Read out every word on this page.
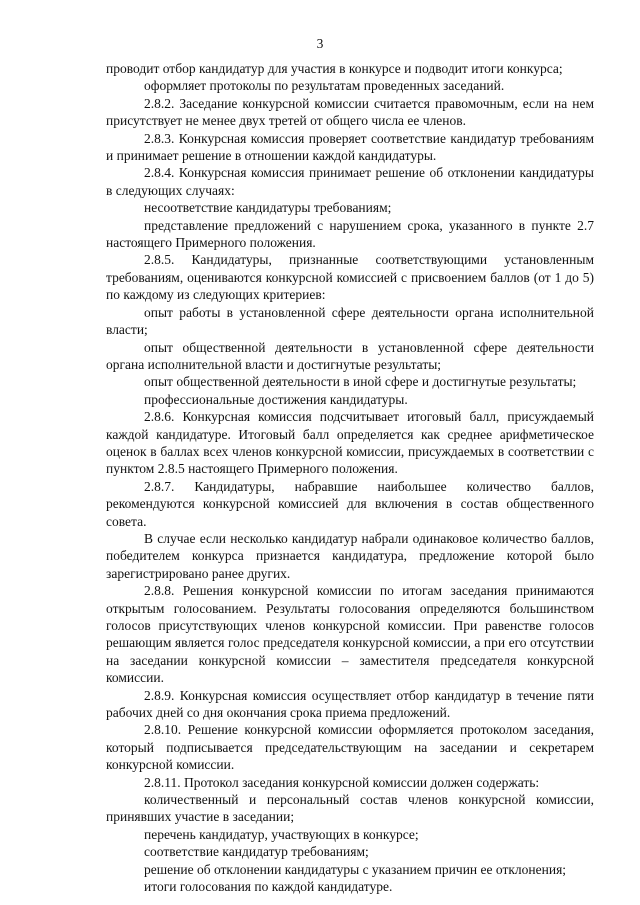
3

проводит отбор кандидатур для участия в конкурсе и подводит итоги конкурса;

оформляет протоколы по результатам проведенных заседаний.

2.8.2. Заседание конкурсной комиссии считается правомочным, если на нем присутствует не менее двух третей от общего числа ее членов.

2.8.3. Конкурсная комиссия проверяет соответствие кандидатур требованиям и принимает решение в отношении каждой кандидатуры.

2.8.4. Конкурсная комиссия принимает решение об отклонении кандидатуры в следующих случаях:

несоответствие кандидатуры требованиям;

представление предложений с нарушением срока, указанного в пункте 2.7 настоящего Примерного положения.

2.8.5. Кандидатуры, признанные соответствующими установленным требованиям, оцениваются конкурсной комиссией с присвоением баллов (от 1 до 5) по каждому из следующих критериев:

опыт работы в установленной сфере деятельности органа исполнительной власти;

опыт общественной деятельности в установленной сфере деятельности органа исполнительной власти и достигнутые результаты;

опыт общественной деятельности в иной сфере и достигнутые результаты;

профессиональные достижения кандидатуры.

2.8.6. Конкурсная комиссия подсчитывает итоговый балл, присуждаемый каждой кандидатуре. Итоговый балл определяется как среднее арифметическое оценок в баллах всех членов конкурсной комиссии, присуждаемых в соответствии с пунктом 2.8.5 настоящего Примерного положения.

2.8.7. Кандидатуры, набравшие наибольшее количество баллов, рекомендуются конкурсной комиссией для включения в состав общественного совета.

В случае если несколько кандидатур набрали одинаковое количество баллов, победителем конкурса признается кандидатура, предложение которой было зарегистрировано ранее других.

2.8.8. Решения конкурсной комиссии по итогам заседания принимаются открытым голосованием. Результаты голосования определяются большинством голосов присутствующих членов конкурсной комиссии. При равенстве голосов решающим является голос председателя конкурсной комиссии, а при его отсутствии на заседании конкурсной комиссии – заместителя председателя конкурсной комиссии.

2.8.9. Конкурсная комиссия осуществляет отбор кандидатур в течение пяти рабочих дней со дня окончания срока приема предложений.

2.8.10. Решение конкурсной комиссии оформляется протоколом заседания, который подписывается председательствующим на заседании и секретарем конкурсной комиссии.

2.8.11. Протокол заседания конкурсной комиссии должен содержать:

количественный и персональный состав членов конкурсной комиссии, принявших участие в заседании;

перечень кандидатур, участвующих в конкурсе;

соответствие кандидатур требованиям;

решение об отклонении кандидатуры с указанием причин ее отклонения;

итоги голосования по каждой кандидатуре.
